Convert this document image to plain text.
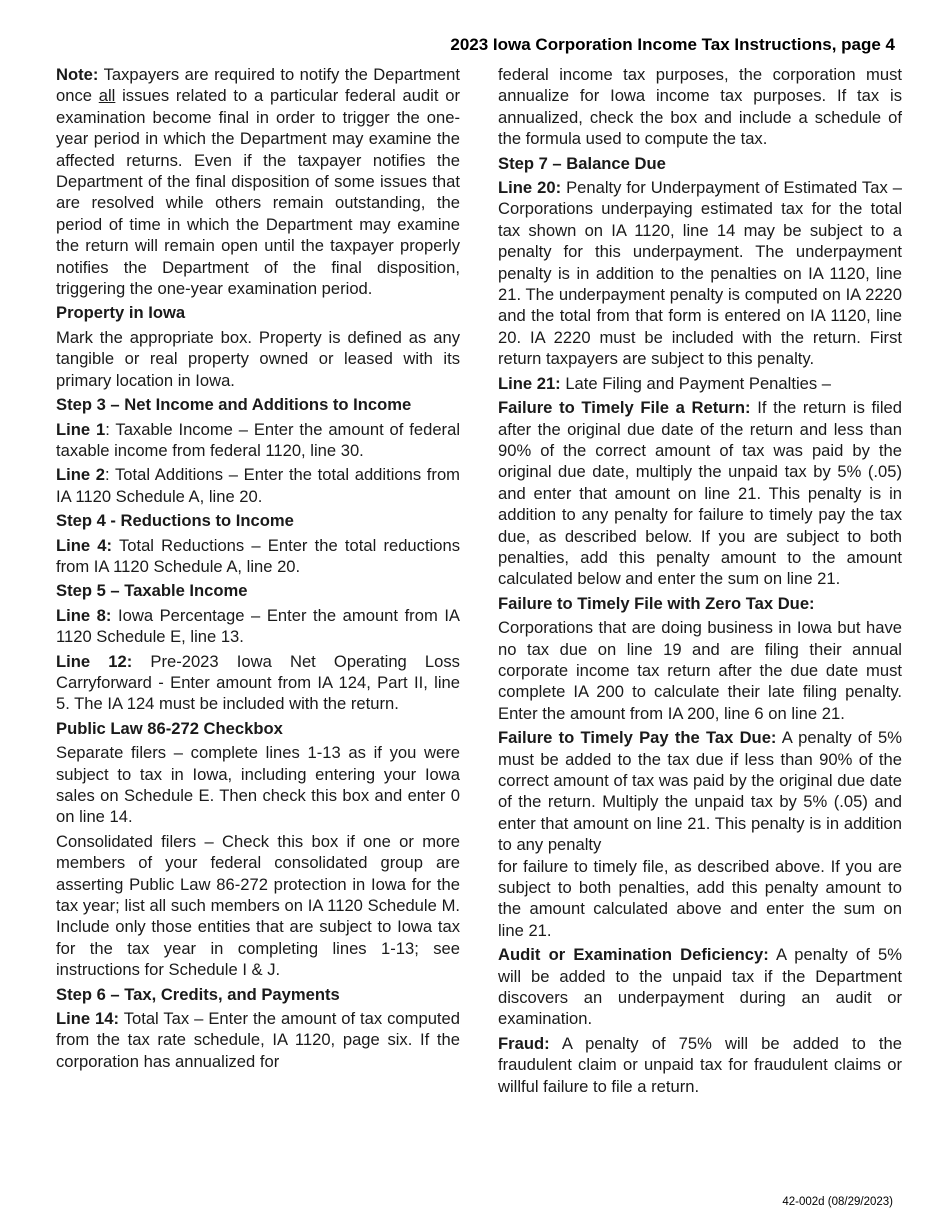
2023 Iowa Corporation Income Tax Instructions, page 4

Note: Taxpayers are required to notify the Department once all issues related to a particular federal audit or examination become final in order to trigger the one-year period in which the Department may examine the affected returns. Even if the taxpayer notifies the Department of the final disposition of some issues that are resolved while others remain outstanding, the period of time in which the Department may examine the return will remain open until the taxpayer properly notifies the Department of the final disposition, triggering the one-year examination period.

Property in Iowa

Mark the appropriate box. Property is defined as any tangible or real property owned or leased with its primary location in Iowa.

Step 3 – Net Income and Additions to Income

Line 1: Taxable Income – Enter the amount of federal taxable income from federal 1120, line 30.

Line 2: Total Additions – Enter the total additions from IA 1120 Schedule A, line 20.

Step 4 - Reductions to Income

Line 4: Total Reductions – Enter the total reductions from IA 1120 Schedule A, line 20.

Step 5 – Taxable Income

Line 8: Iowa Percentage – Enter the amount from IA 1120 Schedule E, line 13.

Line 12: Pre-2023 Iowa Net Operating Loss Carryforward - Enter amount from IA 124, Part II, line 5. The IA 124 must be included with the return.

Public Law 86-272 Checkbox

Separate filers – complete lines 1-13 as if you were subject to tax in Iowa, including entering your Iowa sales on Schedule E. Then check this box and enter 0 on line 14.

Consolidated filers – Check this box if one or more members of your federal consolidated group are asserting Public Law 86-272 protection in Iowa for the tax year; list all such members on IA 1120 Schedule M. Include only those entities that are subject to Iowa tax for the tax year in completing lines 1-13; see instructions for Schedule I & J.

Step 6 – Tax, Credits, and Payments

Line 14: Total Tax – Enter the amount of tax computed from the tax rate schedule, IA 1120, page six. If the corporation has annualized for

federal income tax purposes, the corporation must annualize for Iowa income tax purposes. If tax is annualized, check the box and include a schedule of the formula used to compute the tax.

Step 7 – Balance Due

Line 20: Penalty for Underpayment of Estimated Tax – Corporations underpaying estimated tax for the total tax shown on IA 1120, line 14 may be subject to a penalty for this underpayment. The underpayment penalty is in addition to the penalties on IA 1120, line 21. The underpayment penalty is computed on IA 2220 and the total from that form is entered on IA 1120, line 20. IA 2220 must be included with the return. First return taxpayers are subject to this penalty.

Line 21: Late Filing and Payment Penalties –

Failure to Timely File a Return: If the return is filed after the original due date of the return and less than 90% of the correct amount of tax was paid by the original due date, multiply the unpaid tax by 5% (.05) and enter that amount on line 21. This penalty is in addition to any penalty for failure to timely pay the tax due, as described below. If you are subject to both penalties, add this penalty amount to the amount calculated below and enter the sum on line 21.

Failure to Timely File with Zero Tax Due:

Corporations that are doing business in Iowa but have no tax due on line 19 and are filing their annual corporate income tax return after the due date must complete IA 200 to calculate their late filing penalty. Enter the amount from IA 200, line 6 on line 21.

Failure to Timely Pay the Tax Due: A penalty of 5% must be added to the tax due if less than 90% of the correct amount of tax was paid by the original due date of the return. Multiply the unpaid tax by 5% (.05) and enter that amount on line 21. This penalty is in addition to any penalty

for failure to timely file, as described above. If you are subject to both penalties, add this penalty amount to the amount calculated above and enter the sum on line 21.

Audit or Examination Deficiency: A penalty of 5% will be added to the unpaid tax if the Department discovers an underpayment during an audit or examination.

Fraud: A penalty of 75% will be added to the fraudulent claim or unpaid tax for fraudulent claims or willful failure to file a return.

42-002d (08/29/2023)
